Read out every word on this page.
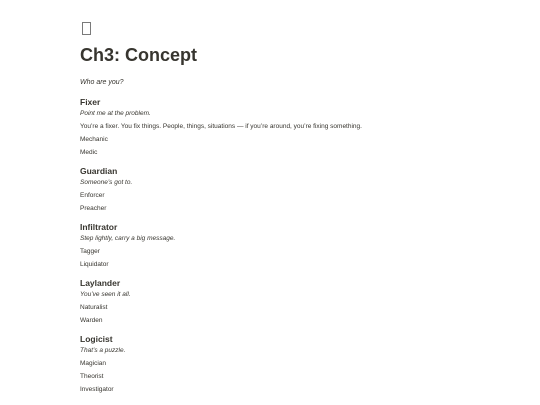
Ch3: Concept
Who are you?
Fixer
Point me at the problem.
You’re a fixer. You fix things. People, things, situations — if you’re around, you’re fixing something.
Mechanic
Medic
Guardian
Someone’s got to.
Enforcer
Preacher
Infiltrator
Step lightly, carry a big message.
Tagger
Liquidator
Laylander
You’ve seen it all.
Naturalist
Warden
Logicist
That’s a puzzle.
Magician
Theorist
Investigator
